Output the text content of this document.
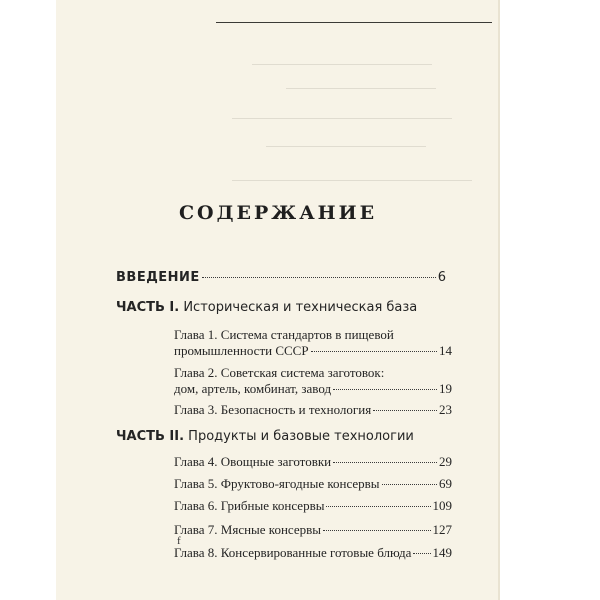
СОДЕРЖАНИЕ
ВВЕДЕНИЕ	6
ЧАСТЬ I. Историческая и техническая база
Глава 1. Система стандартов в пищевой
промышленности СССР	14
Глава 2. Советская система заготовок:
дом, артель, комбинат, завод	19
Глава 3. Безопасность и технология	23
ЧАСТЬ II. Продукты и базовые технологии
Глава 4. Овощные заготовки	29
Глава 5. Фруктово-ягодные консервы	69
Глава 6. Грибные консервы	109
Глава 7. Мясные консервы	127
f
Глава 8. Консервированные готовые блюда 149
